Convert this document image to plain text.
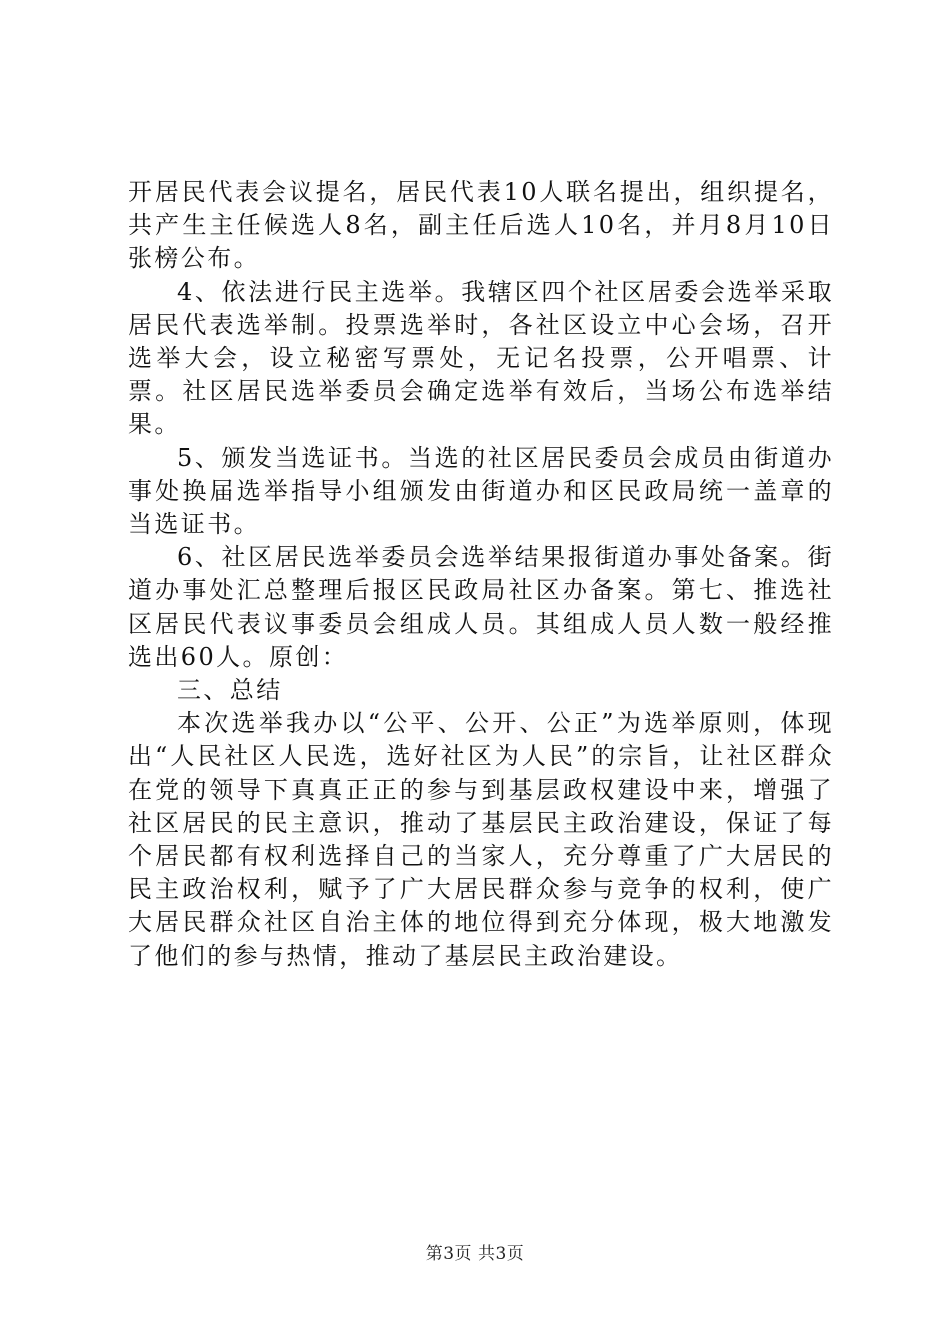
开居民代表会议提名，居民代表10人联名提出，组织提名，共产生主任候选人8名，副主任后选人10名，并月8月10日张榜公布。

4、依法进行民主选举。我辖区四个社区居委会选举采取居民代表选举制。投票选举时，各社区设立中心会场，召开选举大会，设立秘密写票处，无记名投票，公开唱票、计票。社区居民选举委员会确定选举有效后，当场公布选举结果。

5、颁发当选证书。当选的社区居民委员会成员由街道办事处换届选举指导小组颁发由街道办和区民政局统一盖章的当选证书。

6、社区居民选举委员会选举结果报街道办事处备案。街道办事处汇总整理后报区民政局社区办备案。第七、推选社区居民代表议事委员会组成人员。其组成人员人数一般经推选出60人。原创：

三、总结

本次选举我办以“公平、公开、公正”为选举原则，体现出“人民社区人民选，选好社区为人民”的宗旨，让社区群众在党的领导下真真正正的参与到基层政权建设中来，增强了社区居民的民主意识，推动了基层民主政治建设，保证了每个居民都有权利选择自己的当家人，充分尊重了广大居民的民主政治权利，赋予了广大居民群众参与竞争的权利，使广大居民群众社区自治主体的地位得到充分体现，极大地激发了他们的参与热情，推动了基层民主政治建设。

第3页 共3页
